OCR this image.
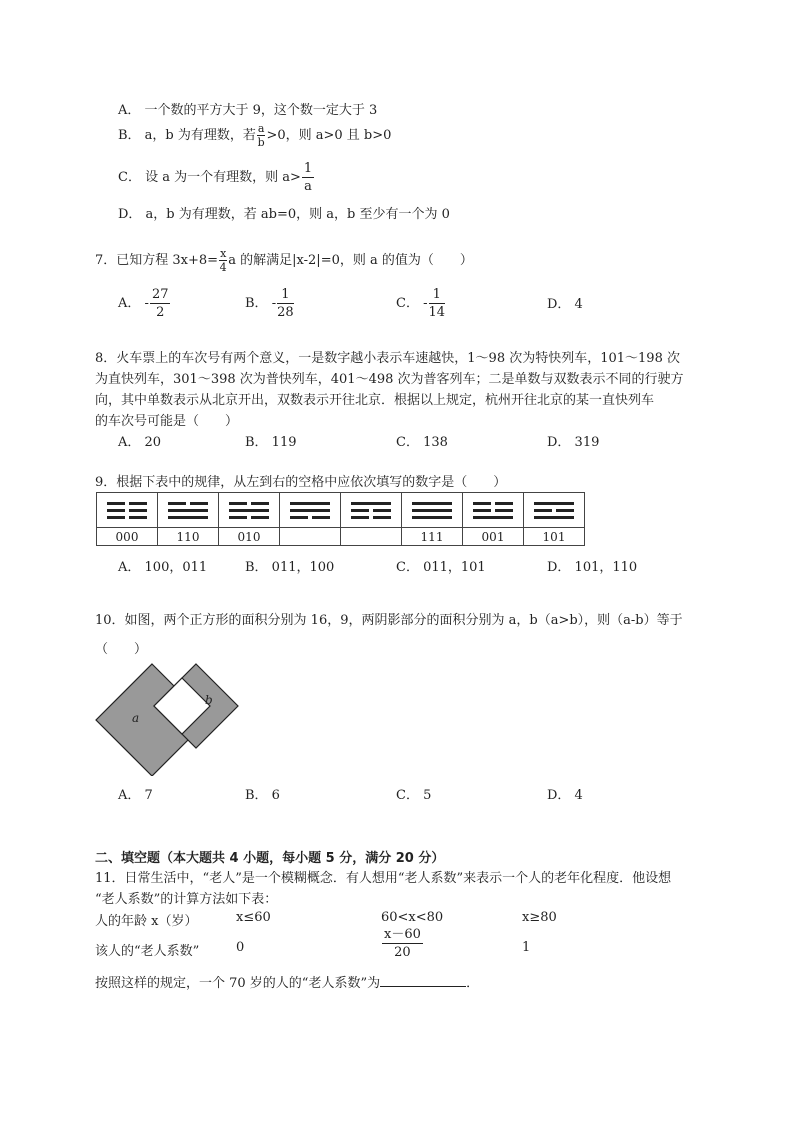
A． 一个数的平方大于 9，这个数一定大于 3
B． a，b 为有理数，若 $\frac{a}{b} >0$，则 a>0 且 b>0
C． 设 a 为一个有理数，则 $a> \frac{1}{a}$
D． a，b 为有理数，若 ab=0，则 a，b 至少有一个为 0
7．已知方程 $3x+8= \frac{x}{4}$ a 的解满足|x-2|=0，则 a 的值为（　　）
A． - $\frac{27}{2}$	B． - $\frac{1}{28}$	C． - $\frac{1}{14}$	D． 4
8．火车票上的车次号有两个意义，一是数字越小表示车速越快，1～98 次为特快列车，101～198 次
为直快列车，301～398 次为普快列车，401～498 次为普客列车；二是单数与双数表示不同的行驶方
向，其中单数表示从北京开出，双数表示开往北京．根据以上规定，杭州开往北京的某一直快列车
的车次号可能是（　　）
A． 20	B． 119	C． 138	D． 319
9．根据下表中的规律，从左到右的空格中应依次填写的数字是（　　）

000	110	010			111	001	101
A． 100，011	B． 011，100	C． 011，101	D． 101，110
10．如图，两个正方形的面积分别为 16，9，两阴影部分的面积分别为 a，b（a>b），则（a-b）等于
（　　）
a
b
A． 7	B． 6	C． 5	D． 4
二、填空题（本大题共 4 小题，每小题 5 分，满分 20 分）
11．日常生活中，“老人”是一个模糊概念．有人想用“老人系数”来表示一个人的老年化程度．他设想
“老人系数”的计算方法如下表：
人的年龄 x（岁）	x≤60	60<x<80	x≥80
该人的“老人系数”	0	$\frac{x-60}{20}$	1
按照这样的规定，一个 70 岁的人的“老人系数”为	．
